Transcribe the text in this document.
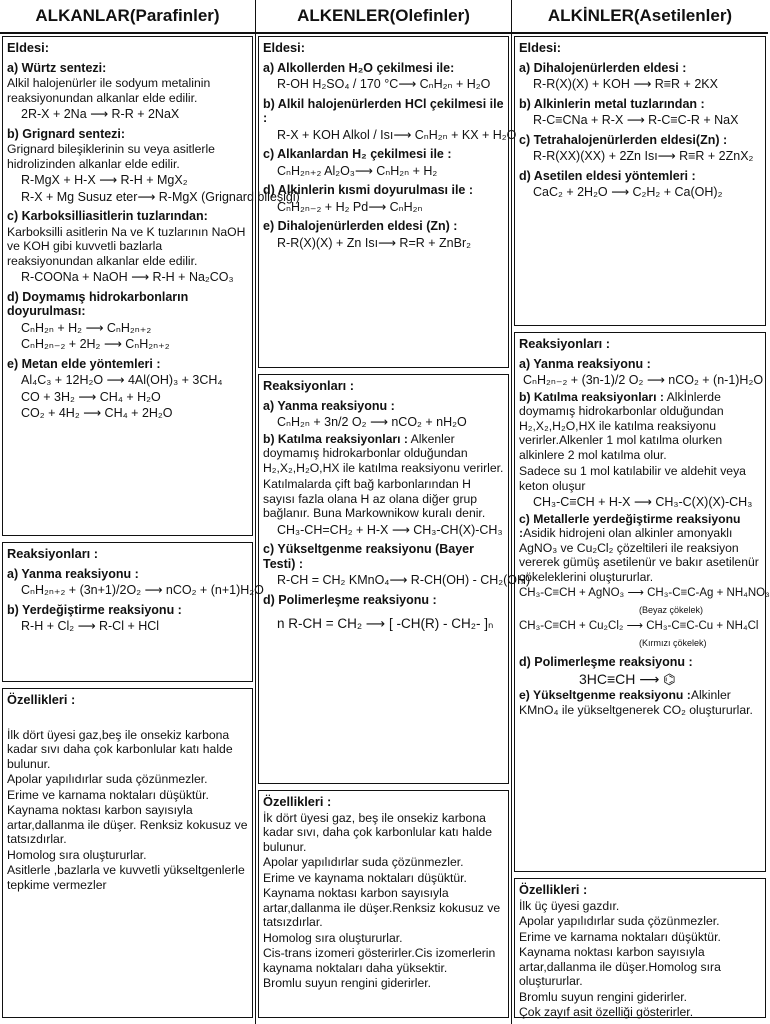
ALKANLAR(Parafinler)	ALKENLER(Olefinler)	ALKİNLER(Asetilenler)
Eldesi:
a) Würtz sentezi:
Alkil halojenürler ile sodyum metalinin reaksiyonundan alkanlar elde edilir.
2R-X + 2Na ⟶ R-R + 2NaX
b) Grignard sentezi:
Grignard bileşiklerinin su veya asitlerle hidrolizinden alkanlar elde edilir.
R-MgX + H-X ⟶ R-H + MgX₂
R-X + Mg Susuz eter⟶ R-MgX (Grignard bileşiği)
c) Karboksilliasitlerin tuzlarından:
Karboksilli asitlerin Na ve K tuzlarının NaOH ve KOH gibi kuvvetli bazlarla reaksiyonundan alkanlar elde edilir.
R-COONa + NaOH ⟶ R-H + Na₂CO₃
d) Doymamış hidrokarbonların doyurulması:
CₙH₂ₙ + H₂ ⟶ CₙH₂ₙ₊₂
CₙH₂ₙ₋₂ + 2H₂ ⟶ CₙH₂ₙ₊₂
e) Metan elde yöntemleri :
Al₄C₃ + 12H₂O ⟶ 4Al(OH)₃ + 3CH₄
CO + 3H₂ ⟶ CH₄ + H₂O
CO₂ + 4H₂ ⟶ CH₄ + 2H₂O
Reaksiyonları :
a) Yanma reaksiyonu :
CₙH₂ₙ₊₂ + (3n+1)/2O₂ ⟶ nCO₂ + (n+1)H₂O
b) Yerdeğiştirme reaksiyonu :
R-H + Cl₂ ⟶ R-Cl + HCl
Özellikleri :
İlk dört üyesi gaz,beş ile onsekiz karbona kadar sıvı daha çok karbonlular katı halde bulunur.
Apolar yapılıdırlar suda çözünmezler.
Erime ve karnama noktaları düşüktür.
Kaynama noktası karbon sayısıyla artar,dallanma ile düşer. Renksiz kokusuz ve tatsızdırlar.
Homolog sıra oluştururlar.
Asitlerle ,bazlarla ve kuvvetli yükseltgenlerle tepkime vermezler
Eldesi:
a) Alkollerden H₂O çekilmesi ile:
R-OH H₂SO₄ / 170 °C⟶ CₙH₂ₙ + H₂O
b) Alkil halojenürlerden HCl çekilmesi ile :
R-X + KOH Alkol / Isı⟶ CₙH₂ₙ + KX + H₂O
c) Alkanlardan H₂ çekilmesi ile :
CₙH₂ₙ₊₂ Al₂O₃⟶ CₙH₂ₙ + H₂
d) Alkinlerin kısmi doyurulması ile :
CₙH₂ₙ₋₂ + H₂ Pd⟶ CₙH₂ₙ
e) Dihalojenürlerden eldesi (Zn) :
R-R(X)(X) + Zn Isı⟶ R=R + ZnBr₂
Reaksiyonları :
a) Yanma reaksiyonu :
CₙH₂ₙ + 3n/2 O₂ ⟶ nCO₂ + nH₂O
b) Katılma reaksiyonları : Alkenler doymamış hidrokarbonlar olduğundan H₂,X₂,H₂O,HX ile katılma reaksiyonu verirler.
Katılmalarda çift bağ karbonlarından H sayısı fazla olana H az olana diğer grup bağlanır. Buna Markownikow kuralı denir.
CH₃-CH=CH₂ + H-X ⟶ CH₃-CH(X)-CH₃
c) Yükseltgenme reaksiyonu (Bayer Testi) :
R-CH = CH₂ KMnO₄⟶ R-CH(OH) - CH₂(OH)
d) Polimerleşme reaksiyonu :
n R-CH = CH₂ ⟶ [ -CH(R) - CH₂- ]ₙ
Özellikleri :
İk dört üyesi gaz, beş ile onsekiz karbona kadar sıvı, daha çok karbonlular katı halde bulunur.
Apolar yapılıdırlar suda çözünmezler.
Erime ve kaynama noktaları düşüktür.
Kaynama noktası karbon sayısıyla artar,dallanma ile düşer.Renksiz kokusuz ve tatsızdırlar.
Homolog sıra oluştururlar.
Cis-trans izomeri gösterirler.Cis izomerlerin kaynama noktaları daha yüksektir.
Bromlu suyun rengini giderirler.
Eldesi:
a) Dihalojenürlerden eldesi :
R-R(X)(X) + KOH ⟶ R≡R + 2KX
b) Alkinlerin metal tuzlarından :
R-C≡CNa + R-X ⟶ R-C≡C-R + NaX
c) Tetrahalojenürlerden eldesi(Zn) :
R-R(XX)(XX) + 2Zn Isı⟶ R≡R + 2ZnX₂
d) Asetilen eldesi yöntemleri :
CaC₂ + 2H₂O ⟶ C₂H₂ + Ca(OH)₂
Reaksiyonları :
a) Yanma reaksiyonu :
CₙH₂ₙ₋₂ + (3n-1)/2 O₂ ⟶ nCO₂ + (n-1)H₂O
b) Katılma reaksiyonları : Alkİnlerde doymamış hidrokarbonlar olduğundan H₂,X₂,H₂O,HX ile katılma reaksiyonu verirler.Alkenler 1 mol katılma olurken alkinlere 2 mol katılma olur.
Sadece su 1 mol katılabilir ve aldehit veya keton oluşur
CH₃-C≡CH + H-X ⟶ CH₃-C(X)(X)-CH₃
c) Metallerle yerdeğiştirme reaksiyonu :Asidik hidrojeni olan alkinler amonyaklı AgNO₃ ve Cu₂Cl₂ çözeltileri ile reaksiyon vererek gümüş asetilenür ve bakır asetilenür çökeleklerini oluştururlar.
CH₃-C≡CH + AgNO₃ ⟶ CH₃-C≡C-Ag + NH₄NO₃
(Beyaz çökelek)
CH₃-C≡CH + Cu₂Cl₂ ⟶ CH₃-C≡C-Cu + NH₄Cl
(Kırmızı çökelek)
d) Polimerleşme reaksiyonu :
3HC≡CH ⟶ ⌬
e) Yükseltgenme reaksiyonu :Alkinler KMnO₄ ile yükseltgenerek CO₂ oluştururlar.
Özellikleri :
İlk üç üyesi gazdır.
Apolar yapılıdırlar suda çözünmezler.
Erime ve karnama noktaları düşüktür.
Kaynama noktası karbon sayısıyla artar,dallanma ile düşer.Homolog sıra oluştururlar.
Bromlu suyun rengini giderirler.
Çok zayıf asit özelliği gösterirler.
